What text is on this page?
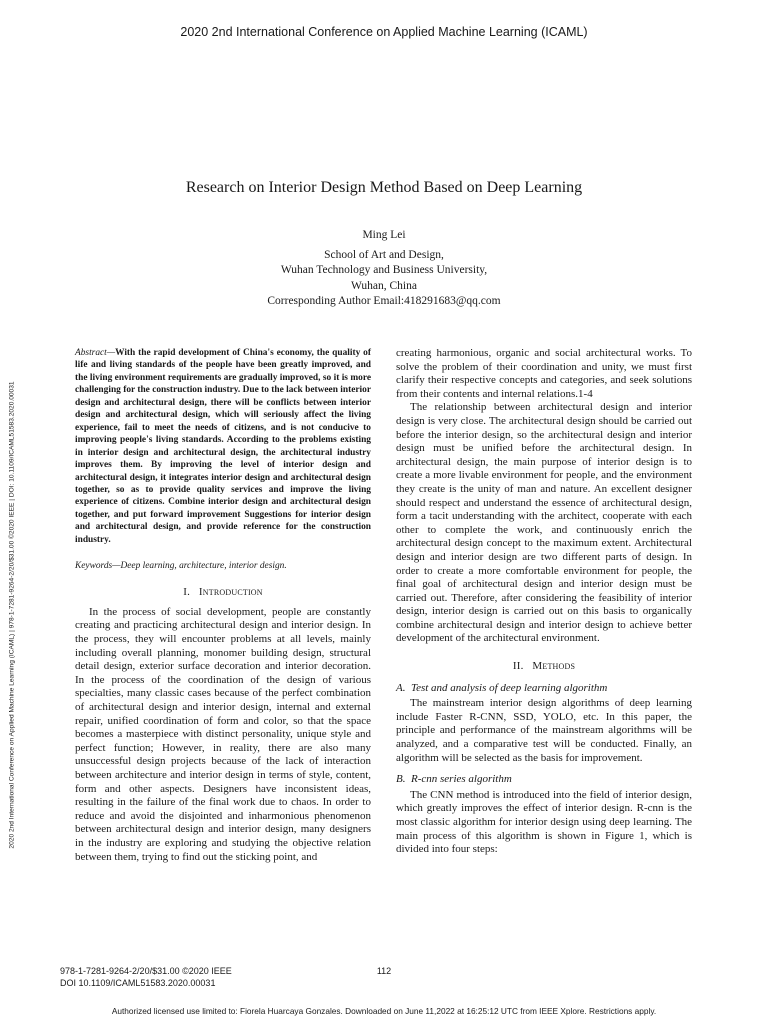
2020 2nd International Conference on Applied Machine Learning (ICAML)
Research on Interior Design Method Based on Deep Learning
Ming Lei
School of Art and Design,
Wuhan Technology and Business University,
Wuhan, China
Corresponding Author Email:418291683@qq.com
2020 2nd International Conference on Applied Machine Learning (ICAML) | 978-1-7281-9264-2/20/$31.00 ©2020 IEEE | DOI: 10.1109/ICAML51583.2020.00031

Abstract—With the rapid development of China's economy, the quality of life and living standards of the people have been greatly improved, and the living environment requirements are gradually improved, so it is more challenging for the construction industry. Due to the lack between interior design and architectural design, there will be conflicts between interior design and architectural design, which will seriously affect the living experience, fail to meet the needs of citizens, and is not conducive to improving people's living standards. According to the problems existing in interior design and architectural design, the architectural industry improves them. By improving the level of interior design and architectural design, it integrates interior design and architectural design together, so as to provide quality services and improve the living experience of citizens. Combine interior design and architectural design together, and put forward improvement Suggestions for interior design and architectural design, and provide reference for the construction industry.

Keywords—Deep learning, architecture, interior design.

I. Introduction

In the process of social development, people are constantly creating and practicing architectural design and interior design. In the process, they will encounter problems at all levels, mainly including overall planning, monomer building design, structural detail design, exterior surface decoration and interior decoration. In the process of the coordination of the design of various specialties, many classic cases because of the perfect combination of architectural design and interior design, internal and external repair, unified coordination of form and color, so that the space becomes a masterpiece with distinct personality, unique style and perfect function; However, in reality, there are also many unsuccessful design projects because of the lack of interaction between architecture and interior design in terms of style, content, form and other aspects. Designers have inconsistent ideas, resulting in the failure of the final work due to chaos. In order to reduce and avoid the disjointed and inharmonious phenomenon between architectural design and interior design, many designers in the industry are exploring and studying the objective relation between them, trying to find out the sticking point, and

creating harmonious, organic and social architectural works. To solve the problem of their coordination and unity, we must first clarify their respective concepts and categories, and seek solutions from their contents and internal relations.1-4

The relationship between architectural design and interior design is very close. The architectural design should be carried out before the interior design, so the architectural design and interior design must be unified before the architectural design. In architectural design, the main purpose of interior design is to create a more livable environment for people, and the environment they create is the unity of man and nature. An excellent designer should respect and understand the essence of architectural design, form a tacit understanding with the architect, cooperate with each other to complete the work, and continuously enrich the architectural design concept to the maximum extent. Architectural design and interior design are two different parts of design. In order to create a more comfortable environment for people, the final goal of architectural design and interior design must be carried out. Therefore, after considering the feasibility of interior design, interior design is carried out on this basis to organically combine architectural design and interior design to achieve better development of the architectural environment.

II. Methods

A. Test and analysis of deep learning algorithm

The mainstream interior design algorithms of deep learning include Faster R-CNN, SSD, YOLO, etc. In this paper, the principle and performance of the mainstream algorithms will be analyzed, and a comparative test will be conducted. Finally, an algorithm will be selected as the basis for improvement.

B. R-cnn series algorithm

The CNN method is introduced into the field of interior design, which greatly improves the effect of interior design. R-cnn is the most classic algorithm for interior design using deep learning. The main process of this algorithm is shown in Figure 1, which is divided into four steps:

978-1-7281-9264-2/20/$31.00 ©2020 IEEE
DOI 10.1109/ICAML51583.2020.00031
112
Authorized licensed use limited to: Fiorela Huarcaya Gonzales. Downloaded on June 11,2022 at 16:25:12 UTC from IEEE Xplore. Restrictions apply.
